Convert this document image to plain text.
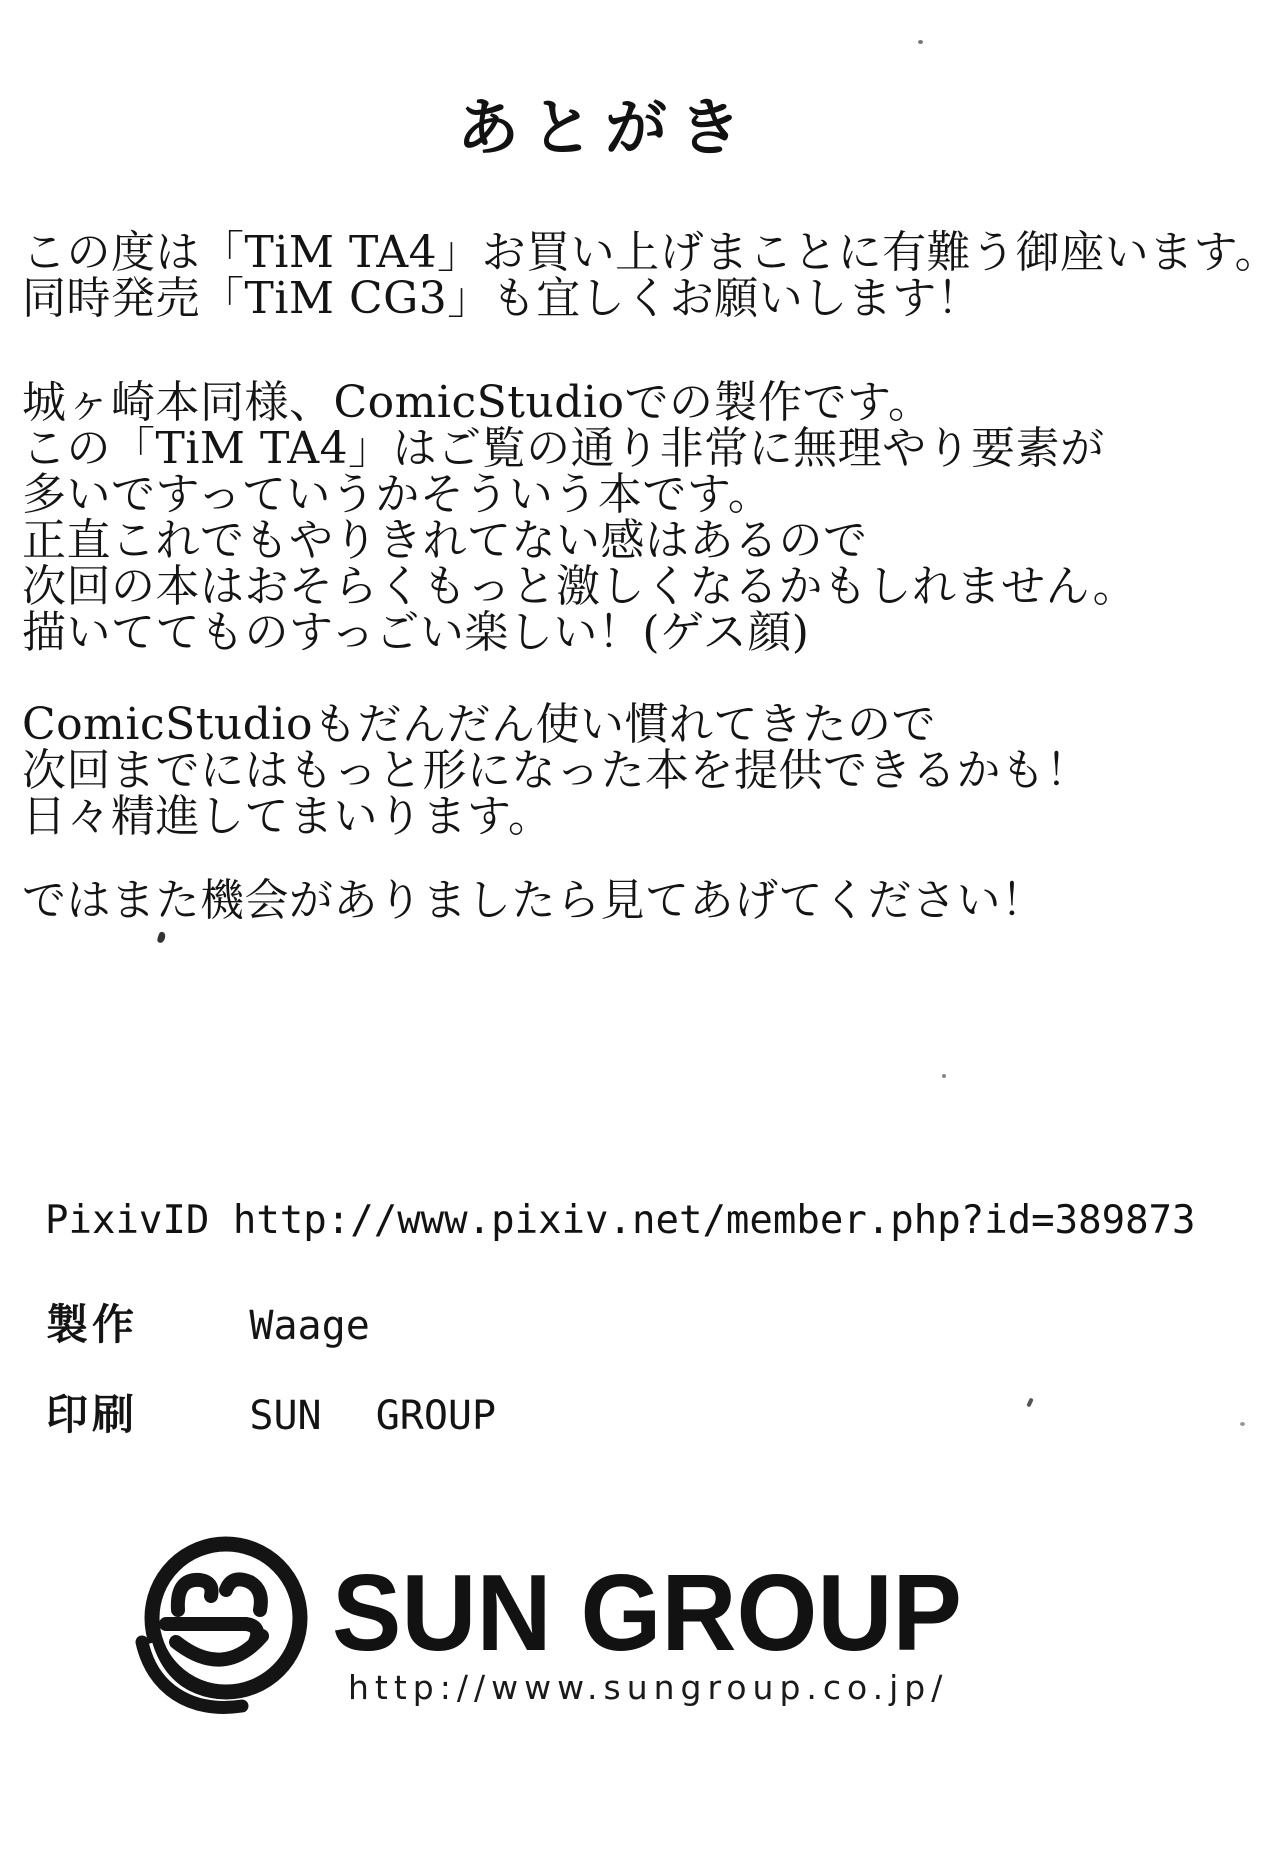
あとがき
この度は「TiM TA4」お買い上げまことに有難う御座います。
同時発売「TiM CG3」も宜しくお願いします！
城ヶ崎本同様、ComicStudioでの製作です。
この「TiM TA4」はご覧の通り非常に無理やり要素が
多いですっていうかそういう本です。
正直これでもやりきれてない感はあるので
次回の本はおそらくもっと激しくなるかもしれません。
描いててものすっごい楽しい！(ゲス顔)
ComicStudioもだんだん使い慣れてきたので
次回までにはもっと形になった本を提供できるかも！
日々精進してまいります。
ではまた機会がありましたら見てあげてください！
PixivID http://www.pixiv.net/member.php?id=389873
製作	Waage
印刷	SUN GROUP
SUN GROUP
http://www.sungroup.co.jp/
